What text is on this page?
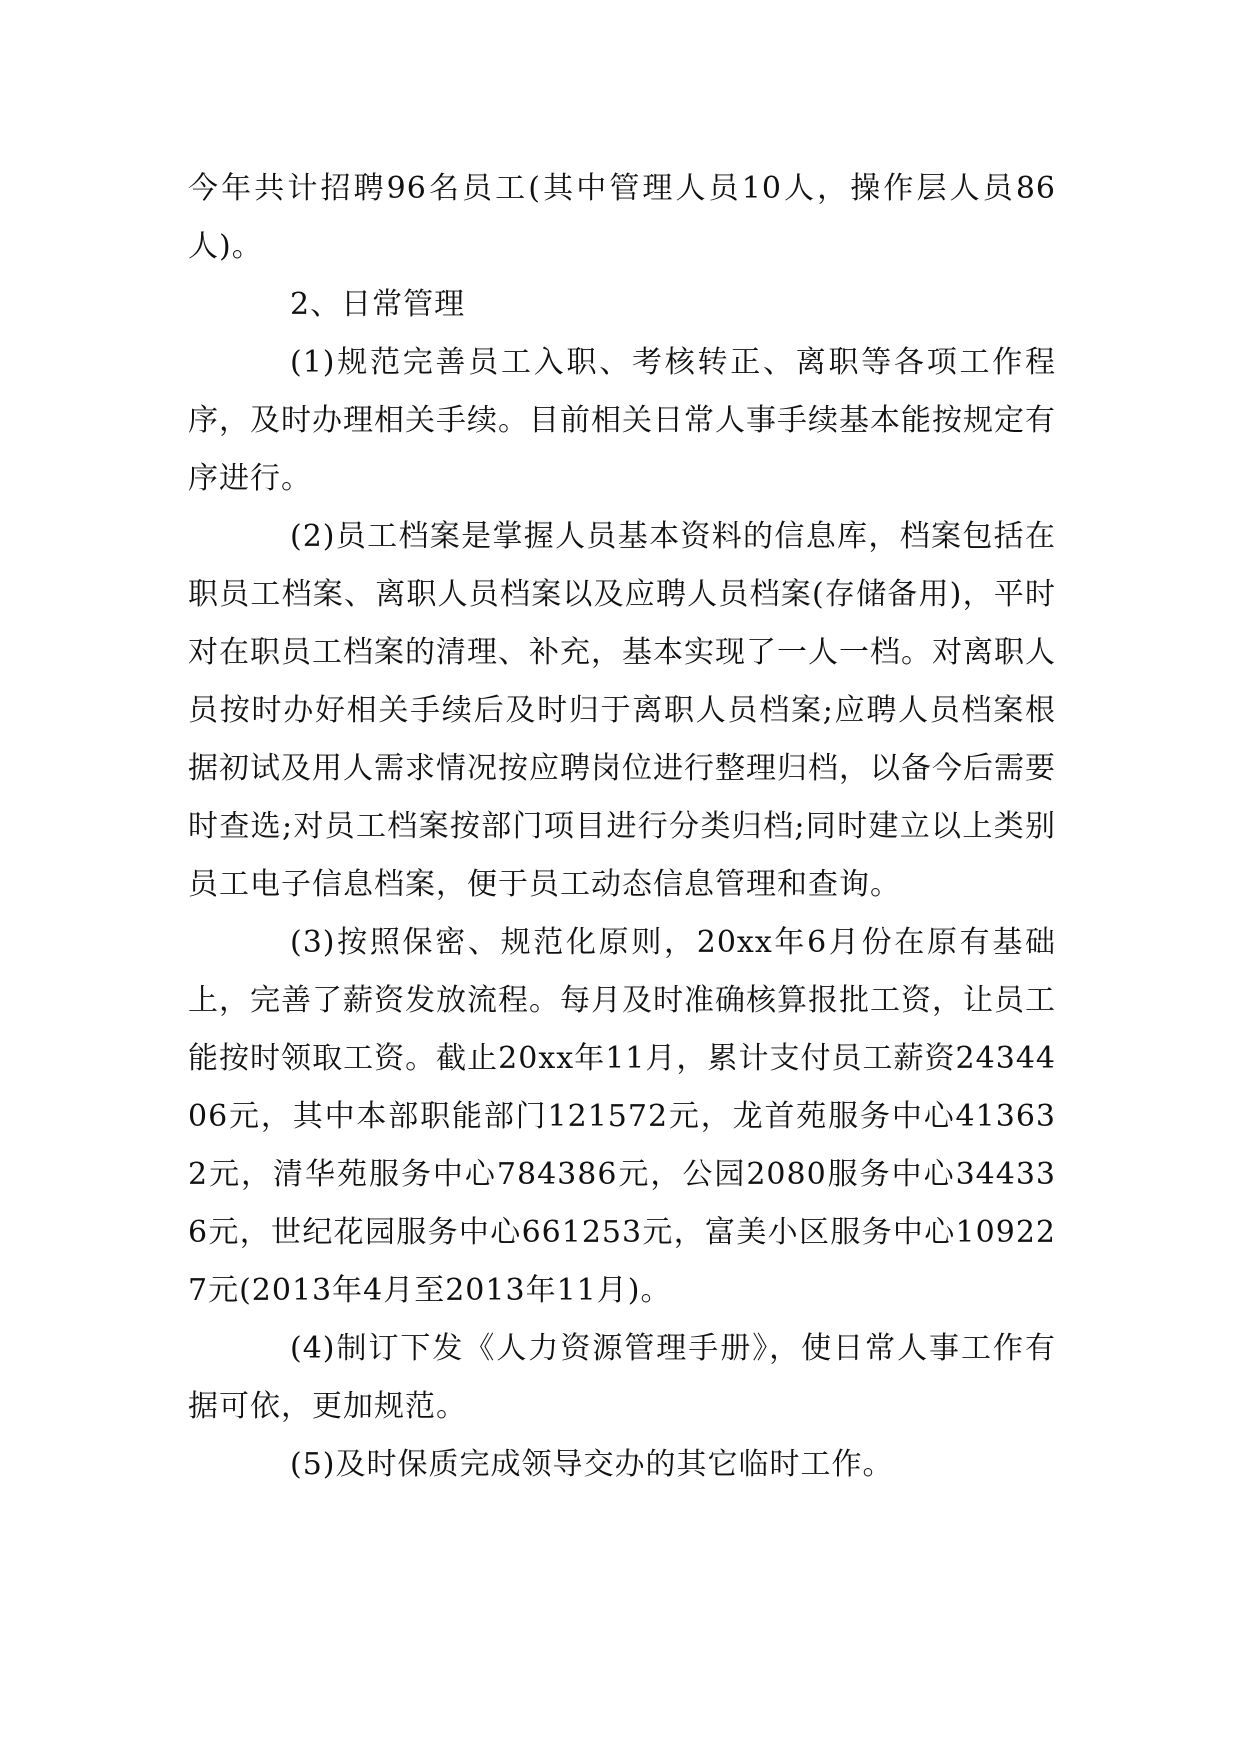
今年共计招聘96名员工(其中管理人员10人，操作层人员86人)。

2、日常管理

(1)规范完善员工入职、考核转正、离职等各项工作程序，及时办理相关手续。目前相关日常人事手续基本能按规定有序进行。

(2)员工档案是掌握人员基本资料的信息库，档案包括在职员工档案、离职人员档案以及应聘人员档案(存储备用)，平时对在职员工档案的清理、补充，基本实现了一人一档。对离职人员按时办好相关手续后及时归于离职人员档案;应聘人员档案根据初试及用人需求情况按应聘岗位进行整理归档，以备今后需要时查选;对员工档案按部门项目进行分类归档;同时建立以上类别员工电子信息档案，便于员工动态信息管理和查询。

(3)按照保密、规范化原则，20xx年6月份在原有基础上，完善了薪资发放流程。每月及时准确核算报批工资，让员工能按时领取工资。截止20xx年11月，累计支付员工薪资2434406元，其中本部职能部门121572元，龙首苑服务中心413632元，清华苑服务中心784386元，公园2080服务中心344336元，世纪花园服务中心661253元，富美小区服务中心109227元(2013年4月至2013年11月)。

(4)制订下发《人力资源管理手册》，使日常人事工作有据可依，更加规范。

(5)及时保质完成领导交办的其它临时工作。
